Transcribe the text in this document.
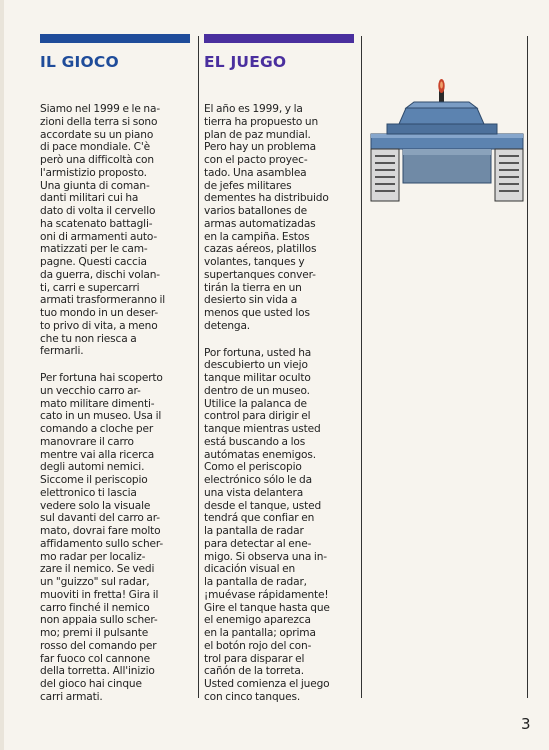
IL GIOCO

Siamo nel 1999 e le na-
zioni della terra si sono
accordate su un piano
di pace mondiale. C'è
però una difficoltà con
l'armistizio proposto.
Una giunta di coman-
danti militari cui ha
dato di volta il cervello
ha scatenato battagli-
oni di armamenti auto-
matizzati per le cam-
pagne. Questi caccia
da guerra, dischi volan-
ti, carri e supercarri
armati trasformeranno il
tuo mondo in un deser-
to privo di vita, a meno
che tu non riesca a
fermarli.

Per fortuna hai scoperto
un vecchio carro ar-
mato militare dimenti-
cato in un museo. Usa il
comando a cloche per
manovrare il carro
mentre vai alla ricerca
degli automi nemici.
Siccome il periscopio
elettronico ti lascia
vedere solo la visuale
sul davanti del carro ar-
mato, dovrai fare molto
affidamento sullo scher-
mo radar per localiz-
zare il nemico. Se vedi
un "guizzo" sul radar,
muoviti in fretta! Gira il
carro finché il nemico
non appaia sullo scher-
mo; premi il pulsante
rosso del comando per
far fuoco col cannone
della torretta. All'inizio
del gioco hai cinque
carri armati.

EL JUEGO

El año es 1999, y la
tierra ha propuesto un
plan de paz mundial.
Pero hay un problema
con el pacto proyec-
tado. Una asamblea
de jefes militares
dementes ha distribuido
varios batallones de
armas automatizadas
en la campiña. Estos
cazas aéreos, platillos
volantes, tanques y
supertanques conver-
tirán la tierra en un
desierto sin vida a
menos que usted los
detenga.

Por fortuna, usted ha
descubierto un viejo
tanque militar oculto
dentro de un museo.
Utilice la palanca de
control para dirigir el
tanque mientras usted
está buscando a los
autómatas enemigos.
Como el periscopio
electrónico sólo le da
una vista delantera
desde el tanque, usted
tendrá que confiar en
la pantalla de radar
para detectar al ene-
migo. Si observa una in-
dicación visual en
la pantalla de radar,
¡muévase rápidamente!
Gire el tanque hasta que
el enemigo aparezca
en la pantalla; oprima
el botón rojo del con-
trol para disparar el
cañón de la torreta.
Usted comienza el juego
con cinco tanques.

3
